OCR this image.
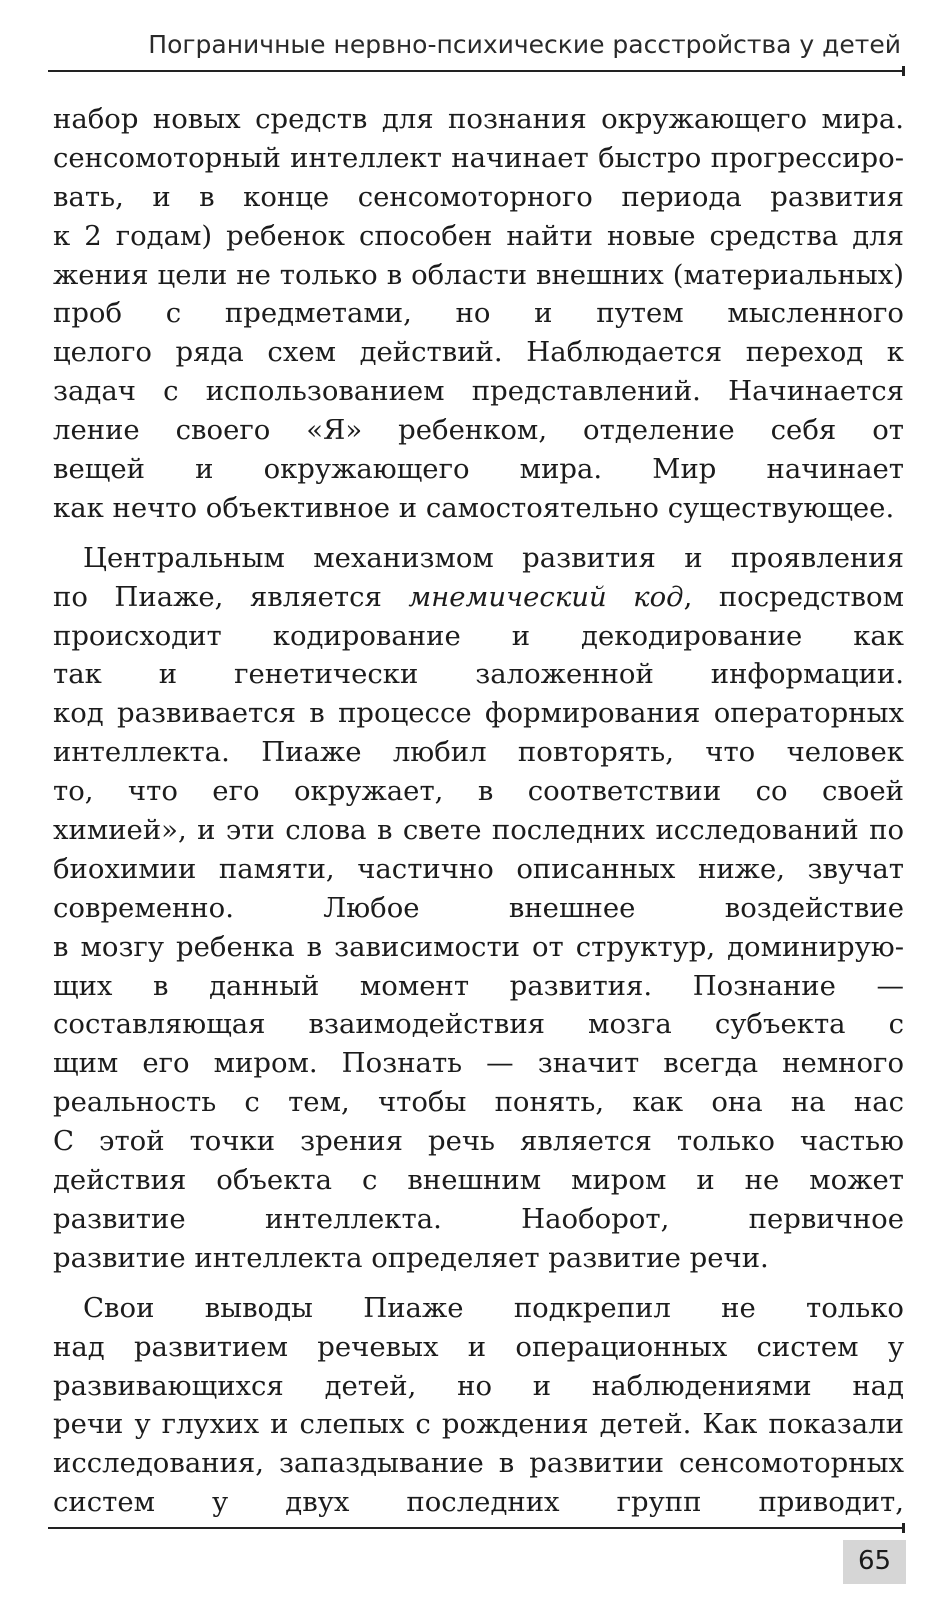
Пограничные нервно-психические расстройства у детей
набор новых средств для познания окружающего мира.
сенсомоторный интеллект начинает быстро прогрессиро-
вать, и в конце сенсомоторного периода развития
к 2 годам) ребенок способен найти новые средства для
жения цели не только в области внешних (материальных)
проб с предметами, но и путем мысленного
целого ряда схем действий. Наблюдается переход к
задач с использованием представлений. Начинается
ление своего «Я» ребенком, отделение себя от
вещей и окружающего мира. Мир начинает
как нечто объективное и самостоятельно существующее.
Центральным механизмом развития и проявления
по Пиаже, является мнемический код, посредством
происходит кодирование и декодирование как
так и генетически заложенной информации.
код развивается в процессе формирования операторных
интеллекта. Пиаже любил повторять, что человек
то, что его окружает, в соответствии со своей
химией», и эти слова в свете последних исследований по
биохимии памяти, частично описанных ниже, звучат
современно. Любое внешнее воздействие
в мозгу ребенка в зависимости от структур, доминирую-
щих в данный момент развития. Познание —
составляющая взаимодействия мозга субъекта с
щим его миром. Познать — значит всегда немного
реальность с тем, чтобы понять, как она на нас
С этой точки зрения речь является только частью
действия объекта с внешним миром и не может
развитие интеллекта. Наоборот, первичное
развитие интеллекта определяет развитие речи.
Свои выводы Пиаже подкрепил не только
над развитием речевых и операционных систем у
развивающихся детей, но и наблюдениями над
речи у глухих и слепых с рождения детей. Как показали
исследования, запаздывание в развитии сенсомоторных
систем у двух последних групп приводит,
65
